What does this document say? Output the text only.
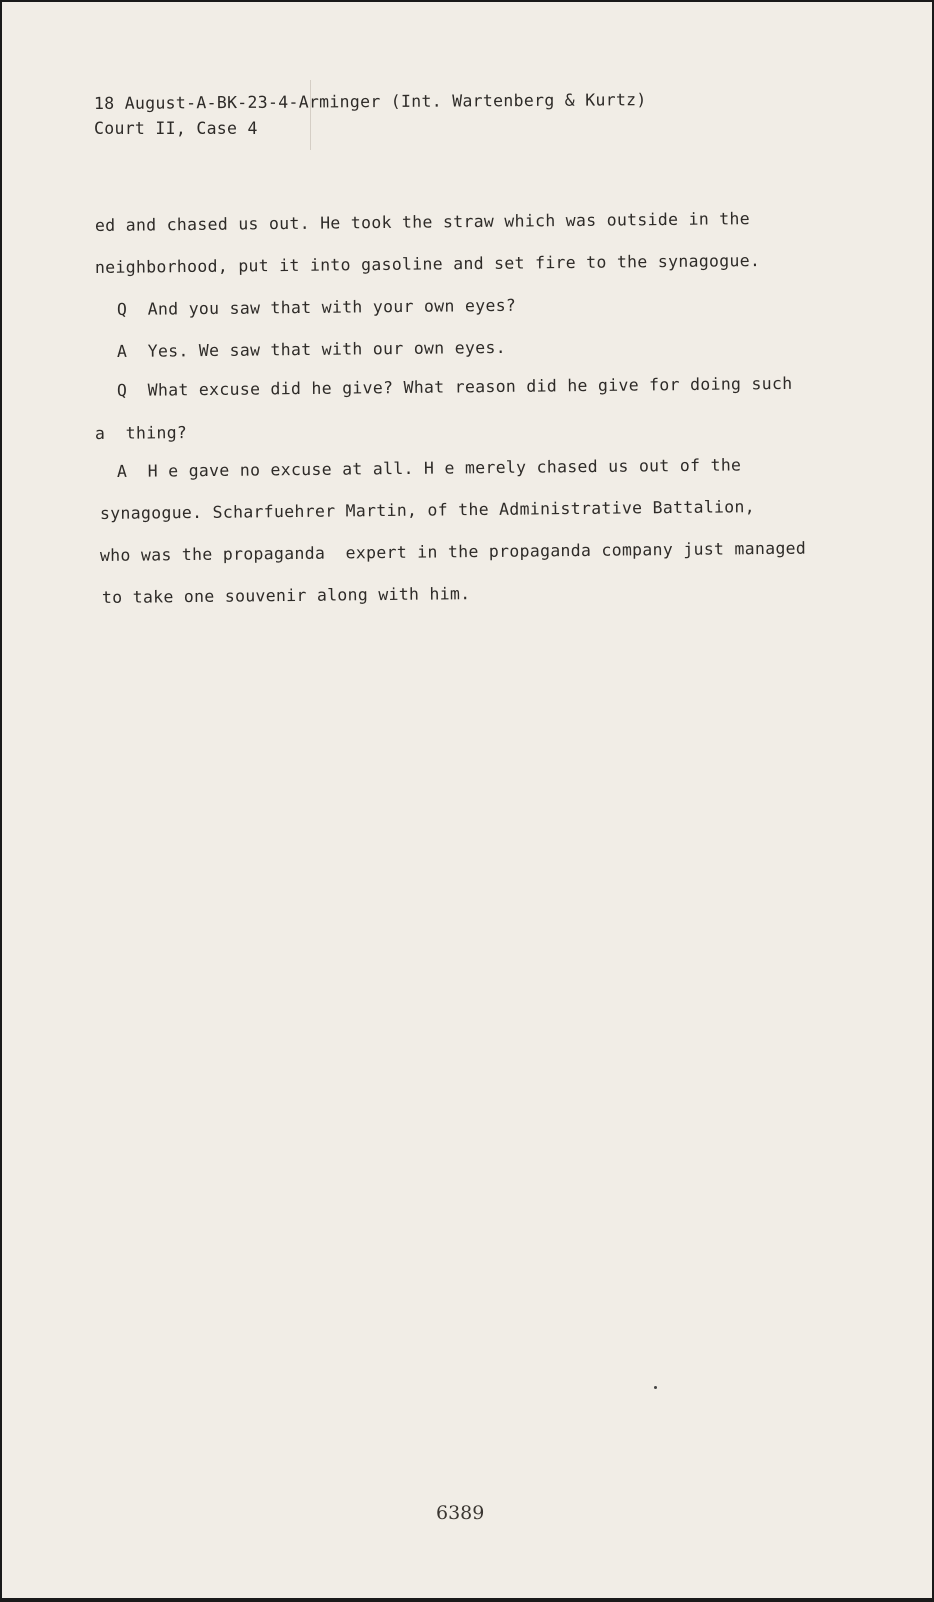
18 August-A-BK-23-4-Arminger (Int. Wartenberg & Kurtz)
Court II, Case 4
ed and chased us out. He took the straw which was outside in the
neighborhood, put it into gasoline and set fire to the synagogue.
Q  And you saw that with your own eyes?
A  Yes. We saw that with our own eyes.
Q  What excuse did he give? What reason did he give for doing such
a  thing?
A  H e gave no excuse at all. H e merely chased us out of the
synagogue. Scharfuehrer Martin, of the Administrative Battalion,
who was the propaganda  expert in the propaganda company just managed
to take one souvenir along with him.
6389
